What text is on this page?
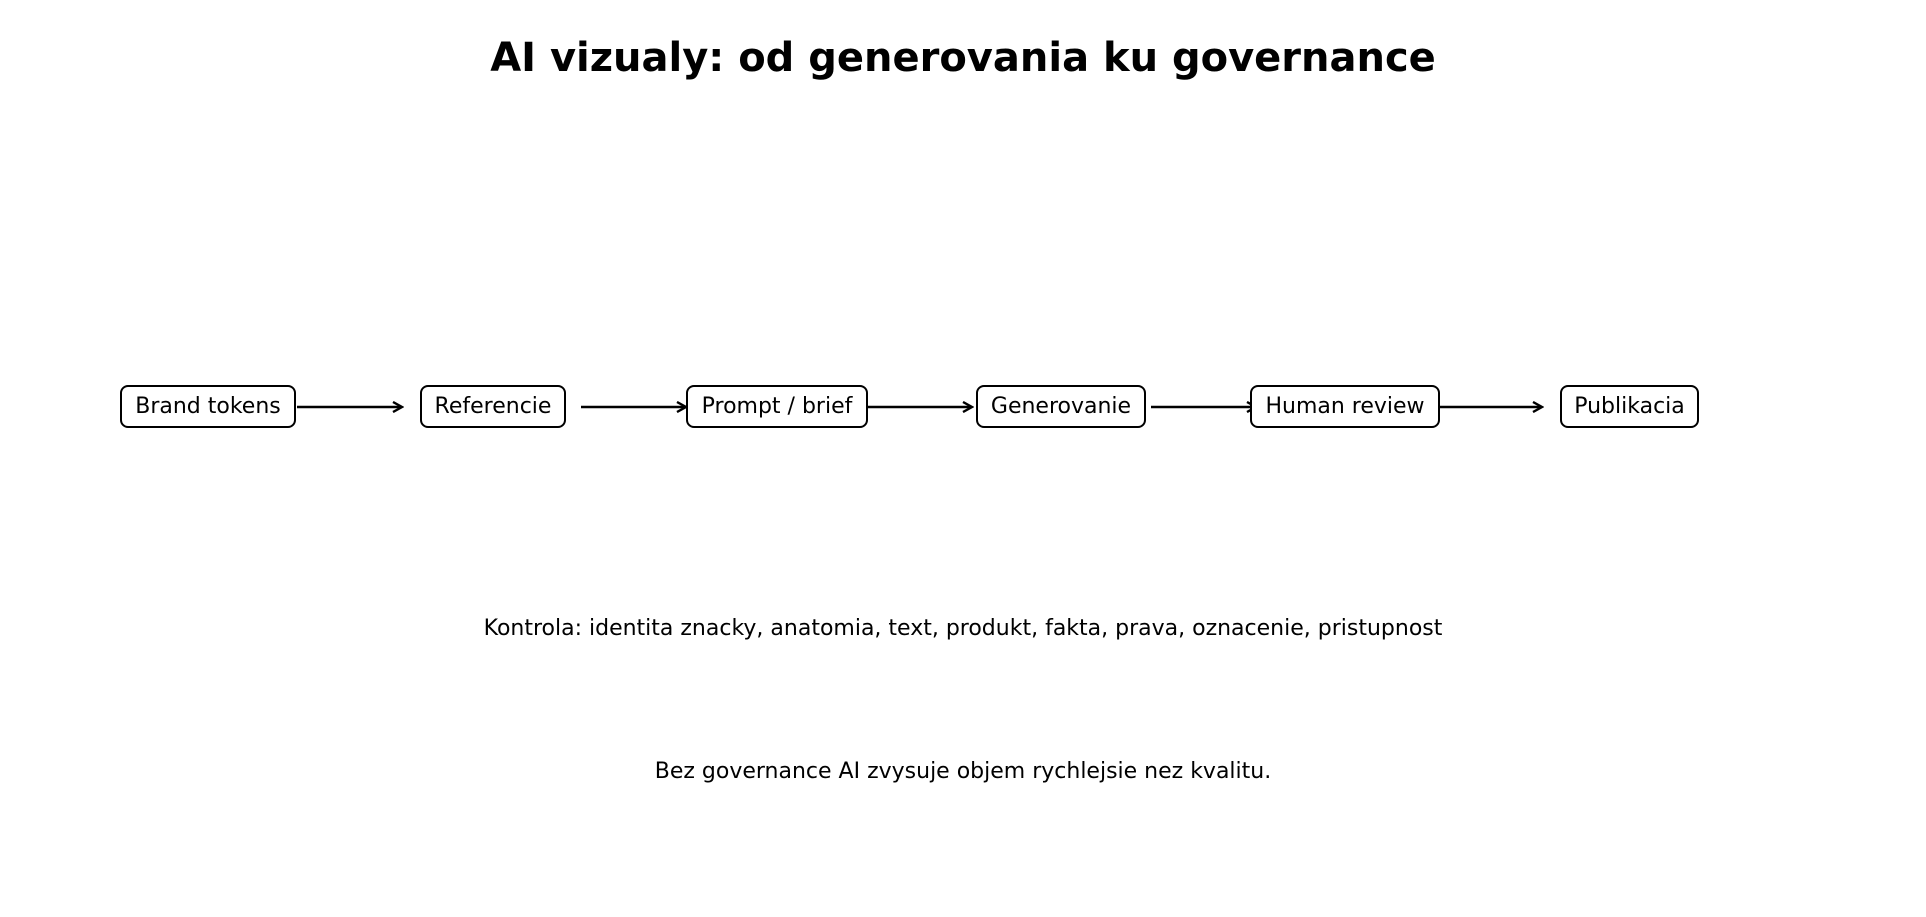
AI vizualy: od generovania ku governance
Brand tokens	Referencie	Prompt / brief	Generovanie	Human review	Publikacia
Kontrola: identita znacky, anatomia, text, produkt, fakta, prava, oznacenie, pristupnost
Bez governance AI zvysuje objem rychlejsie nez kvalitu.
